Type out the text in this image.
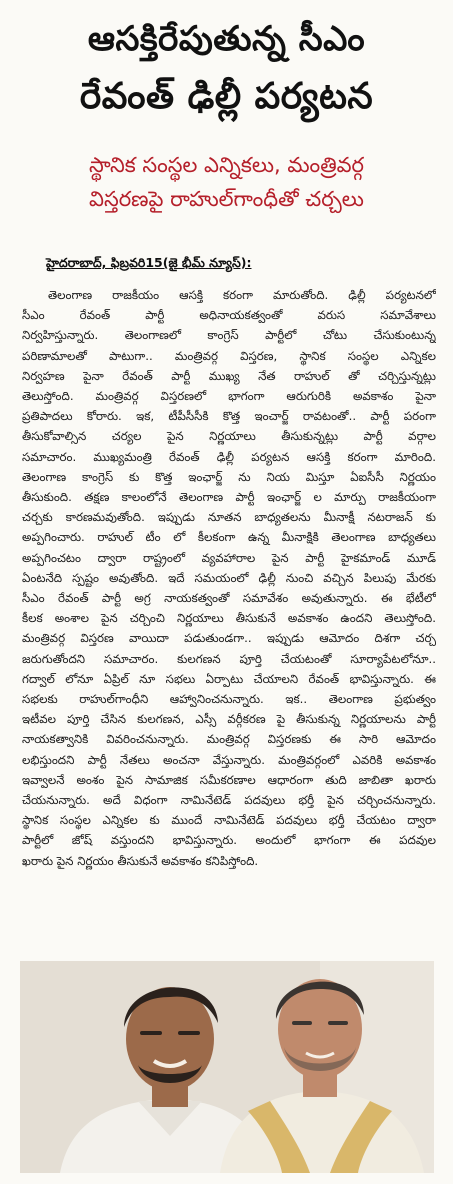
ఆసక్తిరేపుతున్న సీఎం
రేవంత్ ఢిల్లీ పర్యటన
స్థానిక సంస్థల ఎన్నికలు, మంత్రివర్గ
విస్తరణపై రాహుల్‌గాంధీతో చర్చలు
హైదరాబాద్, ఫిబ్రవరి15(జై భీమ్ న్యూస్):
తెలంగాణ రాజకీయం ఆసక్తి కరంగా మారుతోంది. ఢిల్లీ పర్యటనలో
సీఎం రేవంత్ పార్టీ అధినాయకత్వంతో వరుస సమావేశాలు
నిర్వహిస్తున్నారు. తెలంగాణలో కాంగ్రెస్ పార్టీలో చోటు చేసుకుంటున్న
పరిణామాలతో పాటుగా.. మంత్రివర్గ విస్తరణ, స్థానిక సంస్థల ఎన్నికల
నిర్వహణ పైనా రేవంత్ పార్టీ ముఖ్య నేత రాహుల్ తో చర్చిస్తున్నట్లు
తెలుస్తోంది. మంత్రివర్గ విస్తరణలో భాగంగా ఆరుగురికి అవకాశం పైనా
ప్రతిపాదలు కోరారు. ఇక, టీపీసీసీకి కొత్త ఇంచార్జ్ రావటంతో.. పార్టీ పరంగా
తీసుకోవాల్సిన చర్యల పైన నిర్ణయాలు తీసుకున్నట్లు పార్టీ వర్గాల
సమాచారం. ముఖ్యమంత్రి రేవంత్ ఢిల్లీ పర్యటన ఆసక్తి కరంగా మారింది.
తెలంగాణ కాంగ్రెస్ కు కొత్త ఇంఛార్జ్ ను నియ మిస్తూ ఏఐసీసీ నిర్ణయం
తీసుకుంది. తక్షణ కాలంలోనే తెలంగాణ పార్టీ ఇంఛార్జ్ ల మార్పు రాజకీయంగా
చర్చకు కారణమవుతోంది. ఇప్పుడు నూతన బాధ్యతలను మీనాక్షీ నటరాజన్ కు
అప్పగించారు. రాహుల్ టీం లో కీలకంగా ఉన్న మీనాక్షికి తెలంగాణ బాధ్యతలు
అప్పగించటం ద్వారా రాష్ట్రంలో వ్యవహారాల పైన పార్టీ హైకమాండ్ మూడ్
ఏంటనేది స్పష్టం అవుతోంది. ఇదే సమయంలో ఢిల్లీ నుంచి వచ్చిన పిలుపు మేరకు
సీఎం రేవంత్ పార్టీ అగ్ర నాయకత్వంతో సమావేశం అవుతున్నారు. ఈ భేటీలో
కీలక అంశాల పైన చర్చించి నిర్ణయాలు తీసుకునే అవకాశం ఉందని తెలుస్తోంది.
మంత్రివర్గ విస్తరణ వాయిదా పడుతుండగా.. ఇప్పుడు ఆమోదం దిశగా చర్చ
జరుగుతోందని సమాచారం. కులగణన పూర్తి చేయటంతో సూర్యాపేటలోనూ..
గద్వాల్ లోనూ ఏప్రిల్ నూ సభలు ఏర్పాటు చేయాలని రేవంత్ భావిస్తున్నారు. ఈ
సభలకు రాహుల్‌గాంధీని ఆహ్వానించనున్నారు. ఇక.. తెలంగాణ ప్రభుత్వం
ఇటీవల పూర్తి చేసిన కులగణన, ఎస్సీ వర్గీకరణ పై తీసుకున్న నిర్ణయాలను పార్టీ
నాయకత్వానికి వివరించనున్నారు. మంత్రివర్గ విస్తరణకు ఈ సారి ఆమోదం
లభిస్తుందని పార్టీ నేతలు అంచనా వేస్తున్నారు. మంత్రివర్గంలో ఎవరికి అవకాశం
ఇవ్వాలనే అంశం పైన సామాజిక సమీకరణాల ఆధారంగా తుది జాబితా ఖరారు
చేయనున్నారు. అదే విధంగా నామినేటెడ్ పదవులు భర్తీ పైన చర్చించనున్నారు.
స్థానిక సంస్థల ఎన్నికల కు ముందే నామినేటెడ్ పదవులు భర్తీ చేయటం ద్వారా
పార్టీలో జోష్ వస్తుందని భావిస్తున్నారు. అందులో భాగంగా ఈ పదవుల
ఖరారు పైన నిర్ణయం తీసుకునే అవకాశం కనిపిస్తోంది.
